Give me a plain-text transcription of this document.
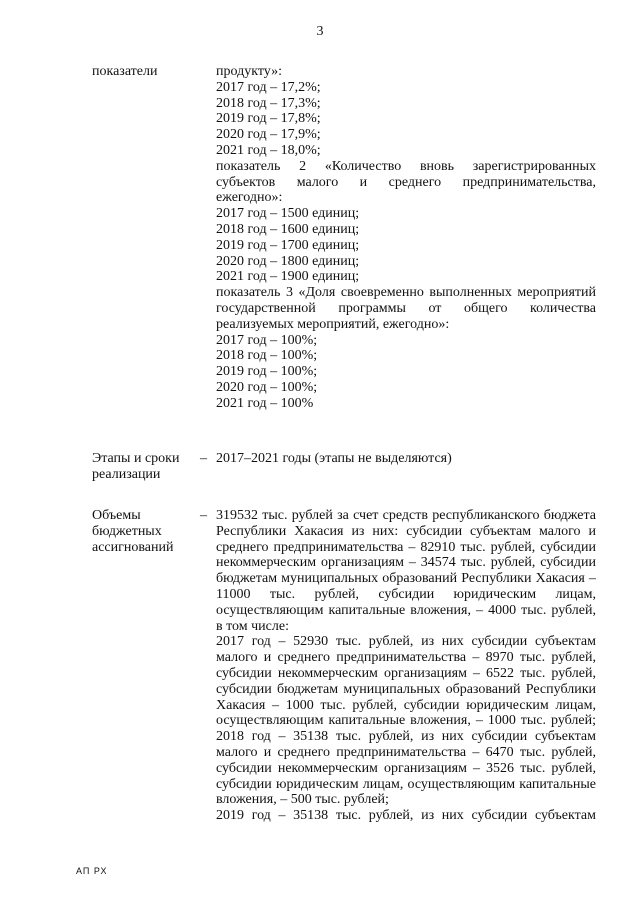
3
показатели	продукту»:
2017 год – 17,2%;
2018 год – 17,3%;
2019 год – 17,8%;
2020 год – 17,9%;
2021 год – 18,0%;
показатель 2 «Количество вновь зарегистрированных
субъектов малого и среднего предпринимательства,
ежегодно»:
2017 год – 1500 единиц;
2018 год – 1600 единиц;
2019 год – 1700 единиц;
2020 год – 1800 единиц;
2021 год – 1900 единиц;
показатель 3 «Доля своевременно выполненных мероприятий
государственной программы от общего количества
реализуемых мероприятий, ежегодно»:
2017 год – 100%;
2018 год – 100%;
2019 год – 100%;
2020 год – 100%;
2021 год – 100%
Этапы и сроки
реализации
– 2017–2021 годы (этапы не выделяются)
Объемы
бюджетных
ассигнований
– 319532 тыс. рублей за счет средств республиканского бюджета
Республики Хакасия из них: субсидии субъектам малого и
среднего предпринимательства – 82910 тыс. рублей, субсидии
некоммерческим организациям – 34574 тыс. рублей, субсидии
бюджетам муниципальных образований Республики Хакасия –
11000 тыс. рублей, субсидии юридическим лицам,
осуществляющим капитальные вложения, – 4000 тыс. рублей,
в том числе:
2017 год – 52930 тыс. рублей, из них субсидии субъектам
малого и среднего предпринимательства – 8970 тыс. рублей,
субсидии некоммерческим организациям – 6522 тыс. рублей,
субсидии бюджетам муниципальных образований Республики
Хакасия – 1000 тыс. рублей, субсидии юридическим лицам,
осуществляющим капитальные вложения, – 1000 тыс. рублей;
2018 год – 35138 тыс. рублей, из них субсидии субъектам
малого и среднего предпринимательства – 6470 тыс. рублей,
субсидии некоммерческим организациям – 3526 тыс. рублей,
субсидии юридическим лицам, осуществляющим капитальные
вложения, – 500 тыс. рублей;
2019 год – 35138 тыс. рублей, из них субсидии субъектам
АП РХ
